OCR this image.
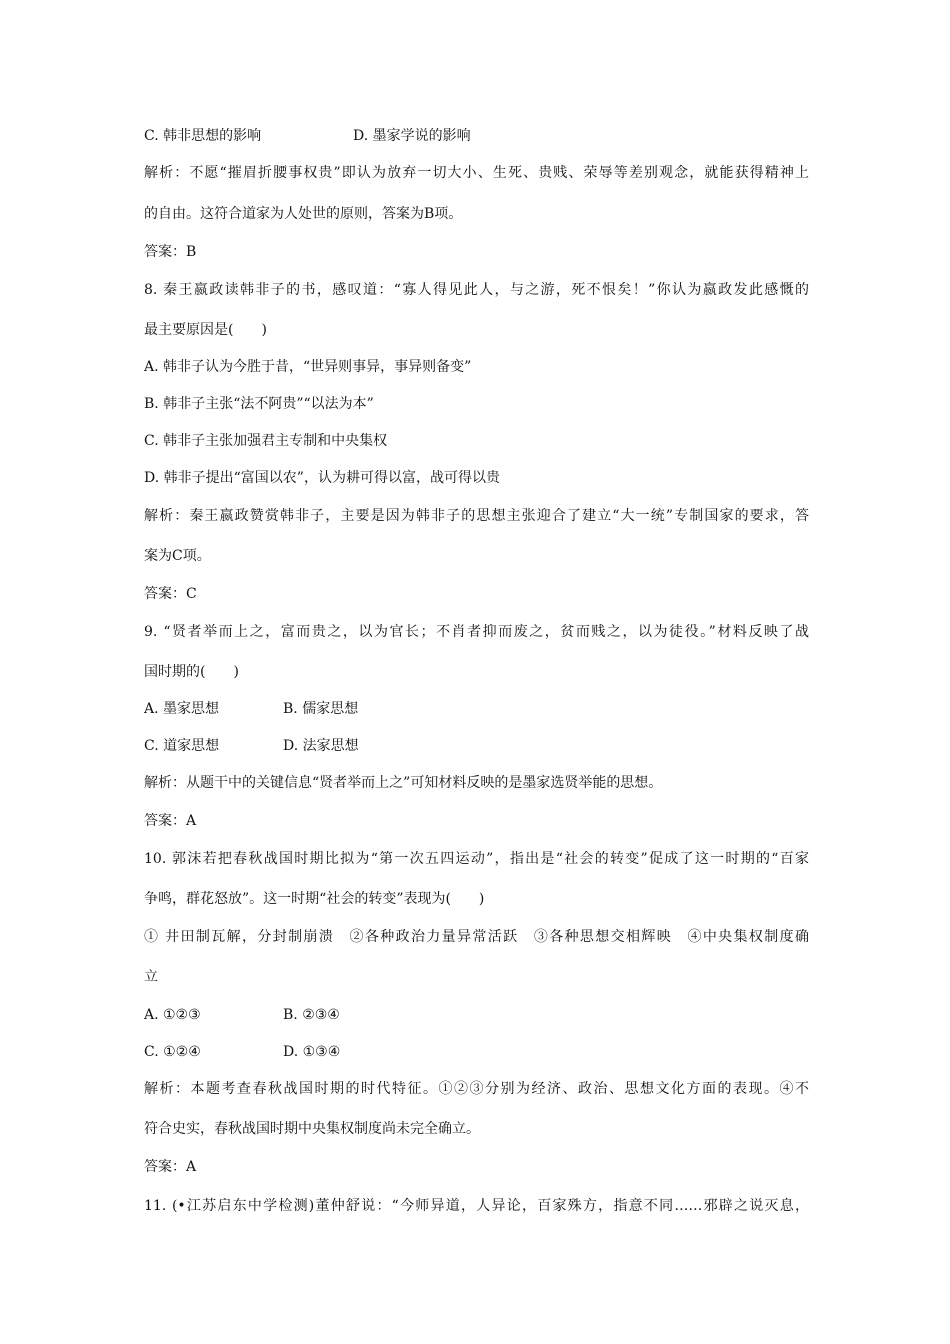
C. 韩非思想的影响	D. 墨家学说的影响
解析：不愿“摧眉折腰事权贵”即认为放弃一切大小、生死、贵贱、荣辱等差别观念，就能获得精神上
的自由。这符合道家为人处世的原则，答案为B项。
答案：B
8. 秦王嬴政读韩非子的书，感叹道：“寡人得见此人，与之游，死不恨矣！”你认为嬴政发此感慨的
最主要原因是(　　)
A. 韩非子认为今胜于昔，“世异则事异，事异则备变”
B. 韩非子主张“法不阿贵”“以法为本”
C. 韩非子主张加强君主专制和中央集权
D. 韩非子提出“富国以农”，认为耕可得以富，战可得以贵
解析：秦王嬴政赞赏韩非子，主要是因为韩非子的思想主张迎合了建立“大一统”专制国家的要求，答
案为C项。
答案：C
9. “贤者举而上之，富而贵之，以为官长；不肖者抑而废之，贫而贱之，以为徒役。”材料反映了战
国时期的(　　)
A. 墨家思想	B. 儒家思想
C. 道家思想	D. 法家思想
解析：从题干中的关键信息“贤者举而上之”可知材料反映的是墨家选贤举能的思想。
答案：A
10. 郭沫若把春秋战国时期比拟为“第一次五四运动”，指出是“社会的转变”促成了这一时期的“百家
争鸣，群花怒放”。这一时期“社会的转变”表现为(　　)
① 井田制瓦解，分封制崩溃　②各种政治力量异常活跃　③各种思想交相辉映　④中央集权制度确
立
A. ①②③	B. ②③④
C. ①②④	D. ①③④
解析：本题考查春秋战国时期的时代特征。①②③分别为经济、政治、思想文化方面的表现。④不
符合史实，春秋战国时期中央集权制度尚未完全确立。
答案：A
11. (•江苏启东中学检测)董仲舒说：“今师异道，人异论，百家殊方，指意不同……邪辟之说灭息，
